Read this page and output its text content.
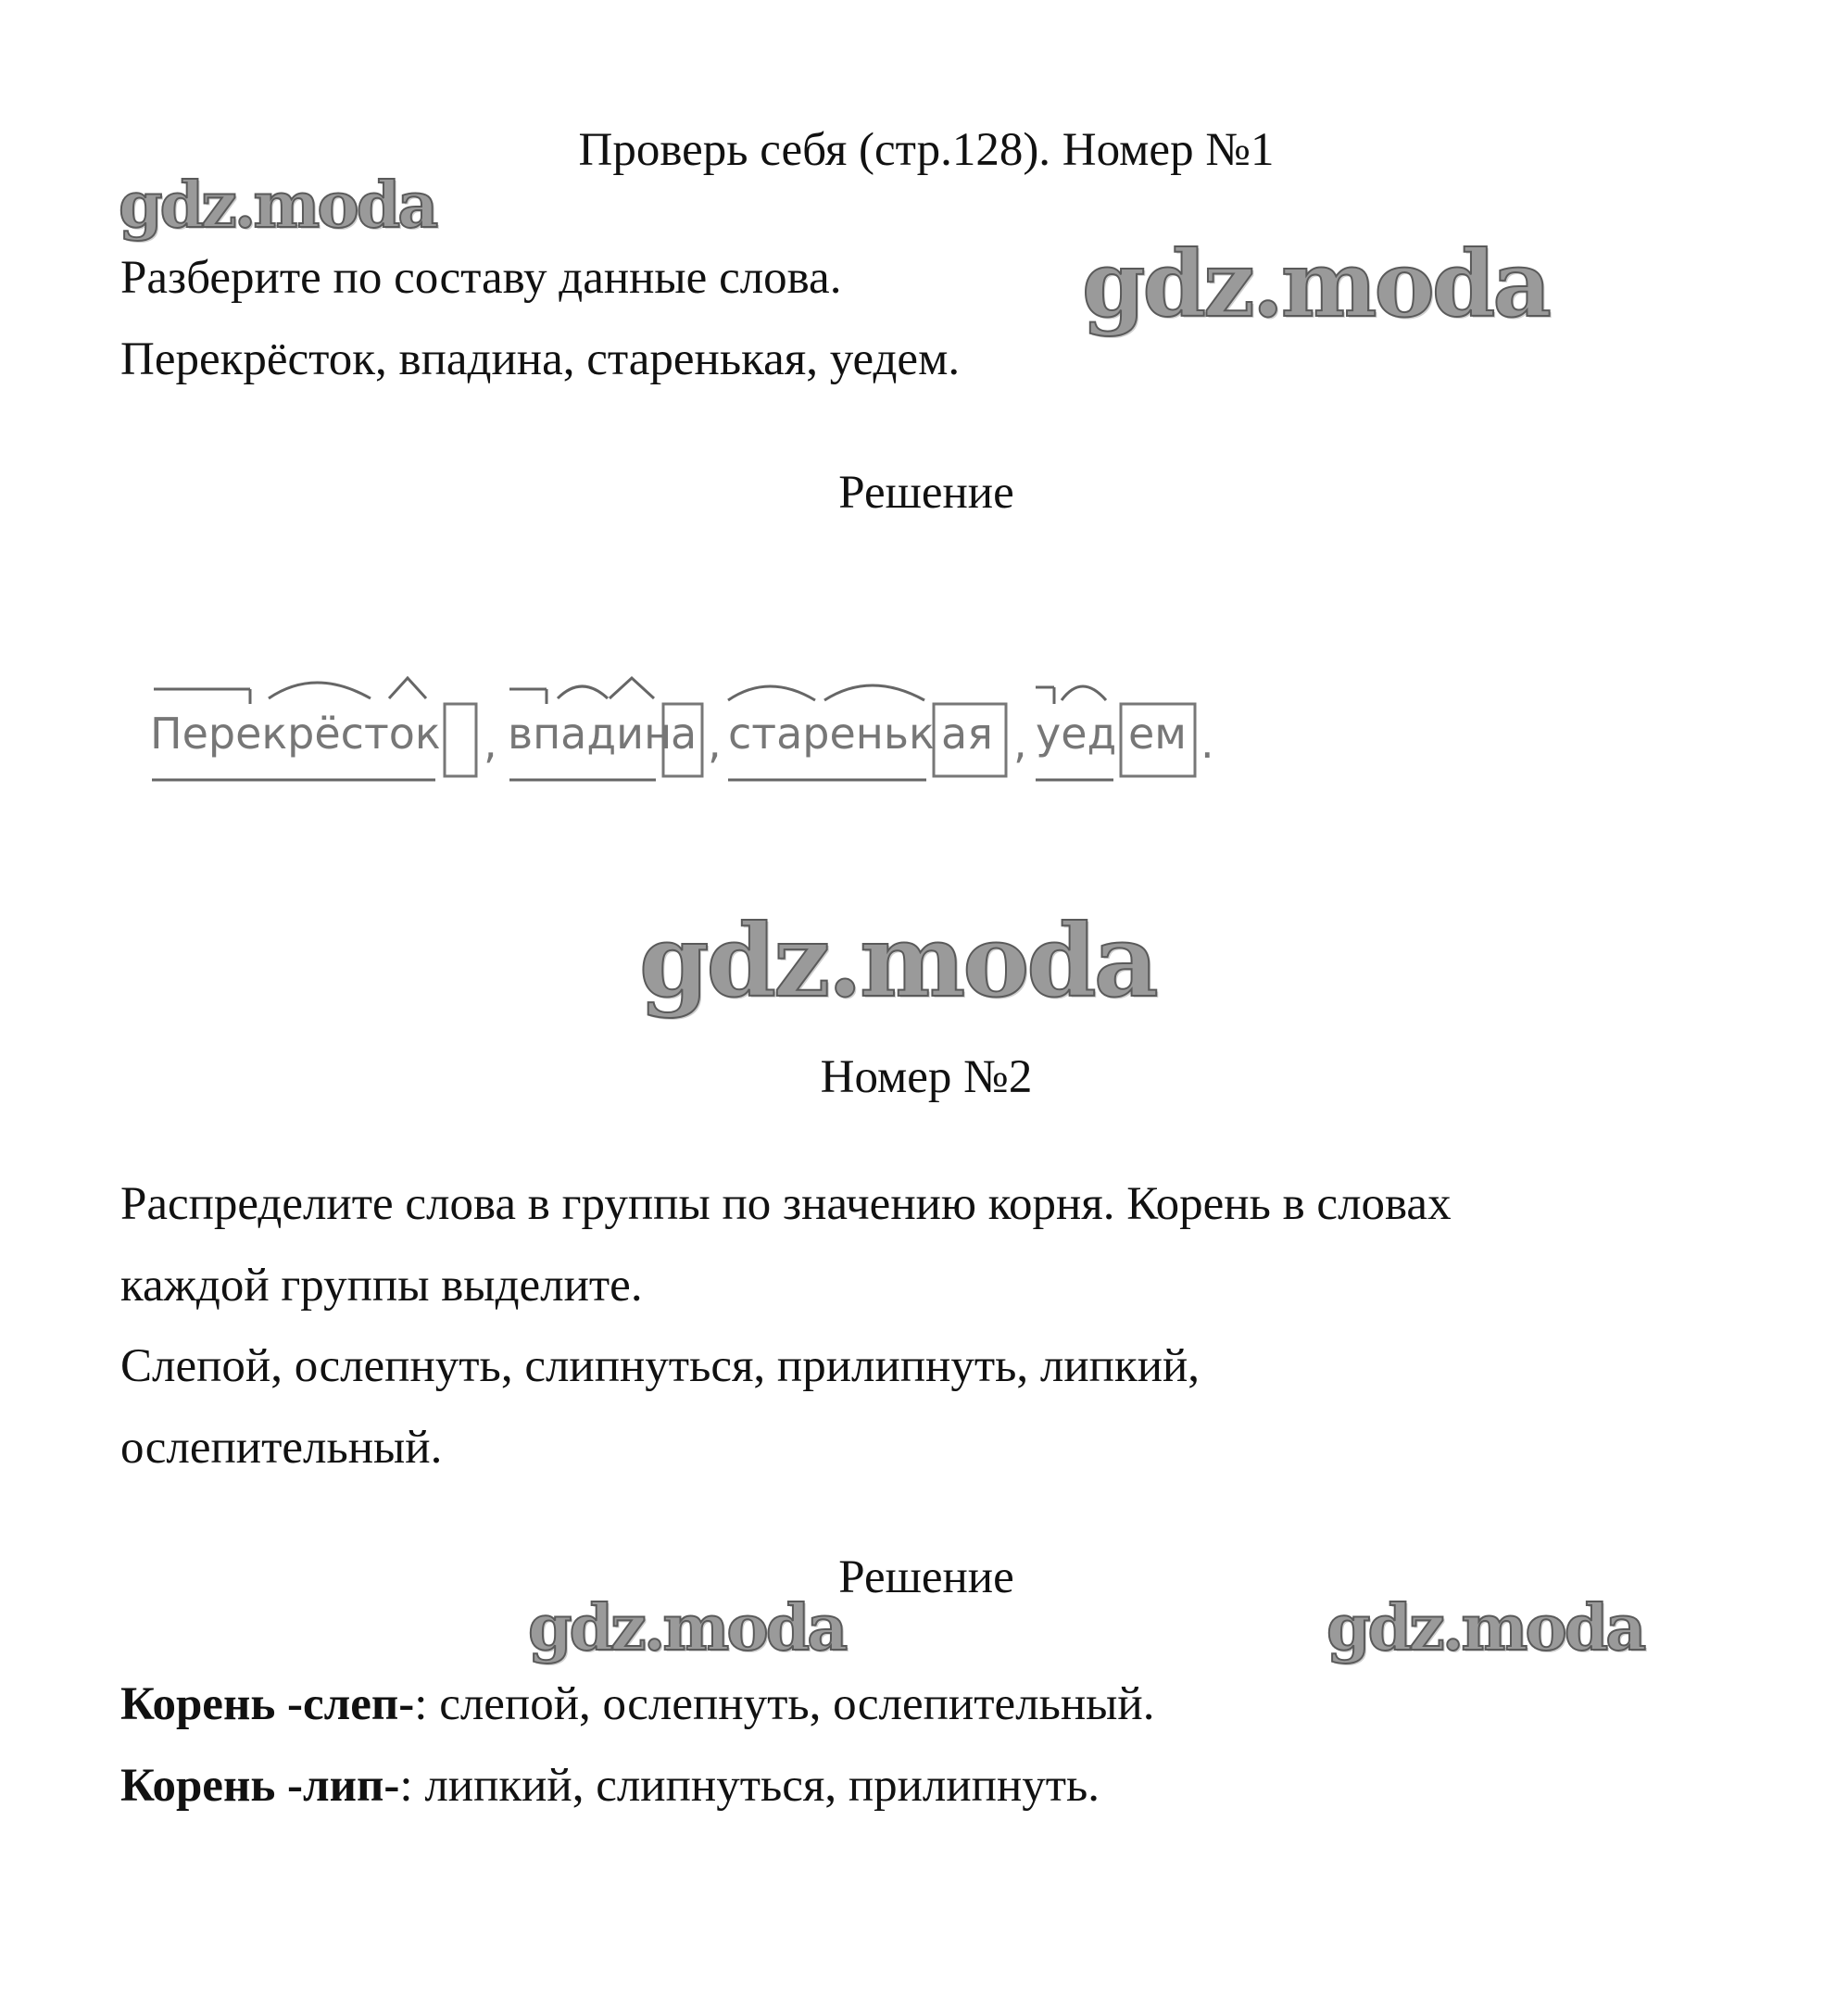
Проверь себя (стр.128). Номер №1

Разберите по составу данные слова.

Перекрёсток, впадина, старенькая, уедем.

Решение

Перекрёсток , впадин
а , стареньк ая , уед ем .

Номер №2

Распределите слова в группы по значению корня. Корень в словах

каждой группы выделите.

Слепой, ослепнуть, слипнуться, прилипнуть, липкий,

ослепительный.

Решение

Корень -слеп-: слепой, ослепнуть, ослепительный.

Корень -лип-: липкий, слипнуться, прилипнуть.

gdz.moda

gdz.moda

gdz.moda

gdz.moda	gdz.moda
